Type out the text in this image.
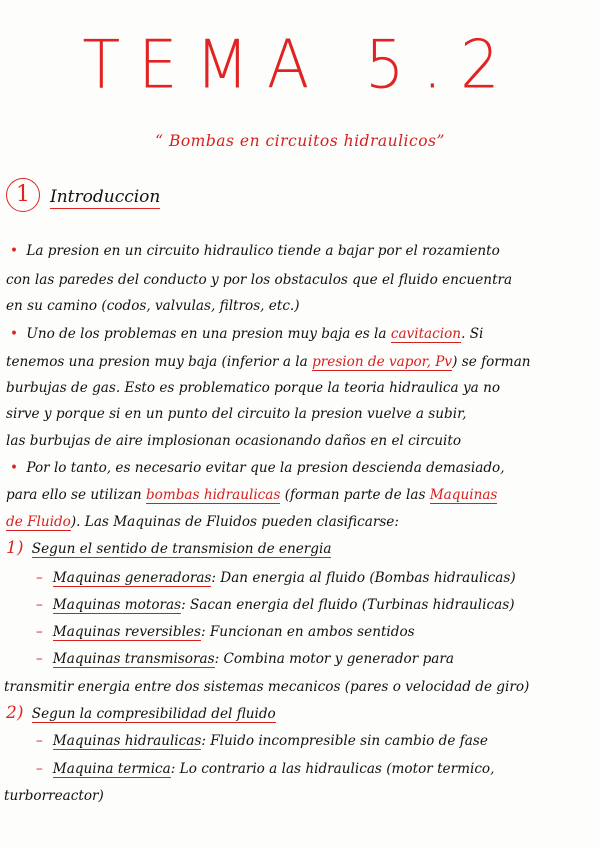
TEMA 5.2
“ Bombas en circuitos hidraulicos”
1	Introduccion
• La presion en un circuito hidraulico tiende a bajar por el rozamiento
con las paredes del conducto y por los obstaculos que el fluido encuentra
en su camino (codos, valvulas, filtros, etc.)
• Uno de los problemas en una presion muy baja es la cavitacion. Si
tenemos una presion muy baja (inferior a la presion de vapor, Pv) se forman
burbujas de gas. Esto es problematico porque la teoria hidraulica ya no
sirve y porque si en un punto del circuito la presion vuelve a subir,
las burbujas de aire implosionan ocasionando daños en el circuito
• Por lo tanto, es necesario evitar que la presion descienda demasiado,
para ello se utilizan bombas hidraulicas (forman parte de las Maquinas
de Fluido). Las Maquinas de Fluidos pueden clasificarse:
1) Segun el sentido de transmision de energia
– Maquinas generadoras: Dan energia al fluido (Bombas hidraulicas)
– Maquinas motoras: Sacan energia del fluido (Turbinas hidraulicas)
– Maquinas reversibles: Funcionan en ambos sentidos
– Maquinas transmisoras: Combina motor y generador para
transmitir energia entre dos sistemas mecanicos (pares o velocidad de giro)
2) Segun la compresibilidad del fluido
– Maquinas hidraulicas: Fluido incompresible sin cambio de fase
– Maquina termica: Lo contrario a las hidraulicas (motor termico,
turborreactor)
